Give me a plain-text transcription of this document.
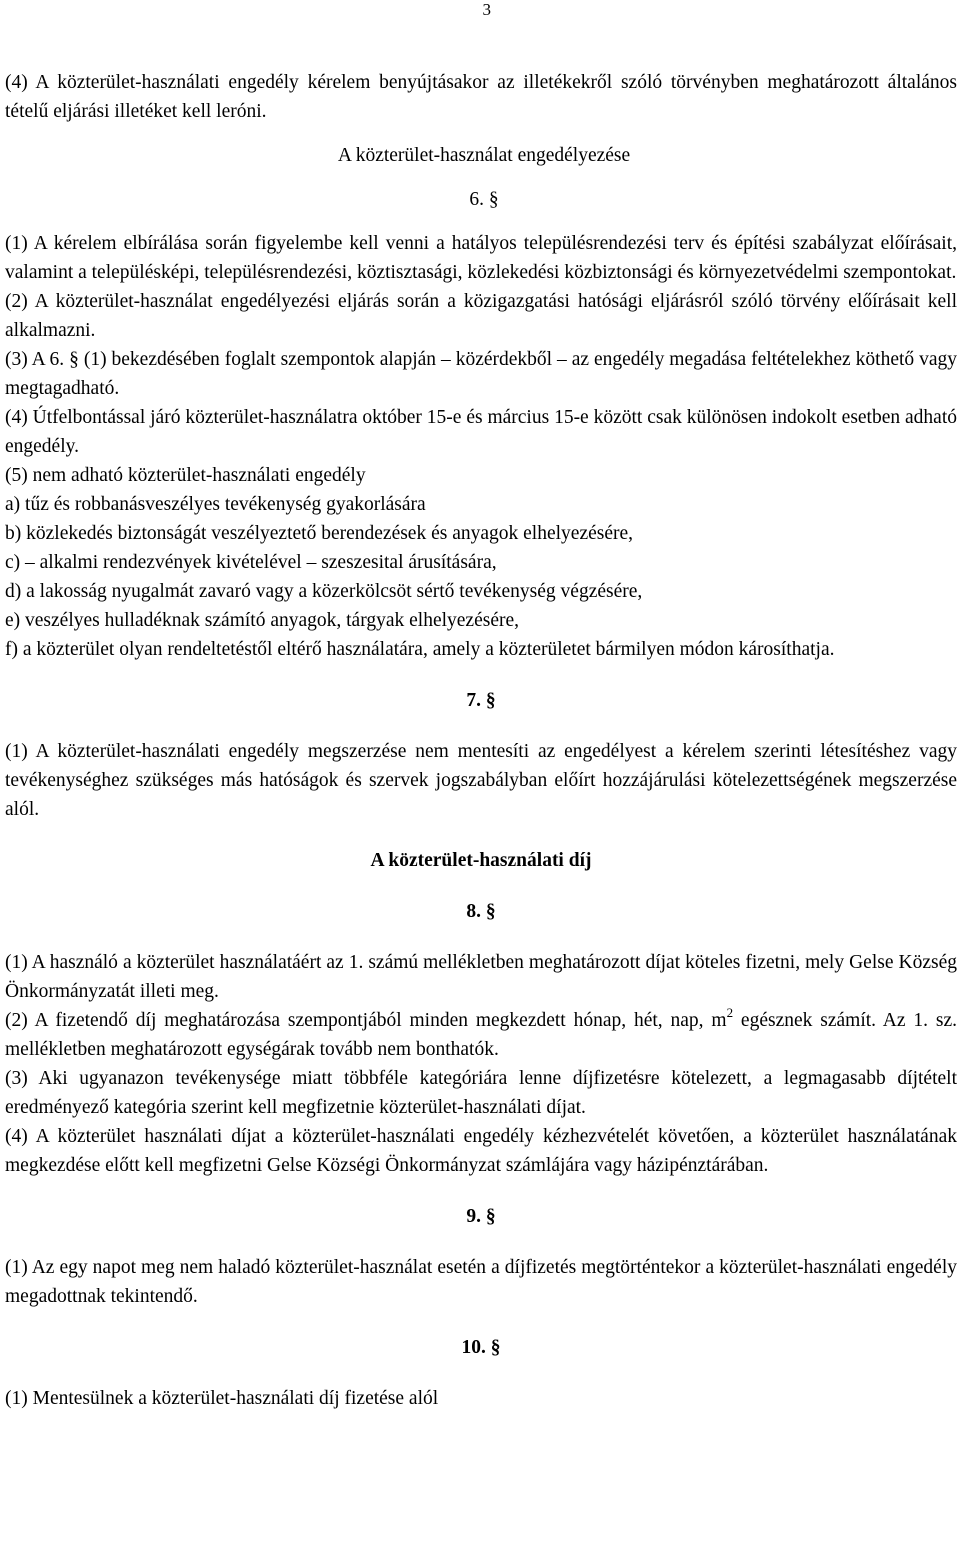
3

(4) A közterület-használati engedély kérelem benyújtásakor az illetékekről szóló törvényben meghatározott általános tételű eljárási illetéket kell leróni.

A közterület-használat engedélyezése

6. §

(1) A kérelem elbírálása során figyelembe kell venni a hatályos településrendezési terv és építési szabályzat előírásait, valamint a településképi, településrendezési, köztisztasági, közlekedési közbiztonsági és környezetvédelmi szempontokat.

(2) A közterület-használat engedélyezési eljárás során a közigazgatási hatósági eljárásról szóló törvény előírásait kell alkalmazni.

(3) A 6. § (1) bekezdésében foglalt szempontok alapján – közérdekből – az engedély megadása feltételekhez köthető vagy megtagadható.

(4) Útfelbontással járó közterület-használatra október 15-e és március 15-e között csak különösen indokolt esetben adható engedély.

(5) nem adható közterület-használati engedély

a) tűz és robbanásveszélyes tevékenység gyakorlására

b) közlekedés biztonságát veszélyeztető berendezések és anyagok elhelyezésére,

c) – alkalmi rendezvények kivételével – szeszesital árusítására,

d) a lakosság nyugalmát zavaró vagy a közerkölcsöt sértő tevékenység végzésére,

e) veszélyes hulladéknak számító anyagok, tárgyak elhelyezésére,

f) a közterület olyan rendeltetéstől eltérő használatára, amely a közterületet bármilyen módon károsíthatja.

7. §

(1) A közterület-használati engedély megszerzése nem mentesíti az engedélyest a kérelem szerinti létesítéshez vagy tevékenységhez szükséges más hatóságok és szervek jogszabályban előírt hozzájárulási kötelezettségének megszerzése alól.

A közterület-használati díj

8. §

(1) A használó a közterület használatáért az 1. számú mellékletben meghatározott díjat köteles fizetni, mely Gelse Község Önkormányzatát illeti meg.

(2) A fizetendő díj meghatározása szempontjából minden megkezdett hónap, hét, nap, $m^2$ egésznek számít. Az 1. sz. mellékletben meghatározott egységárak tovább nem bonthatók.

(3) Aki ugyanazon tevékenysége miatt többféle kategóriára lenne díjfizetésre kötelezett, a legmagasabb díjtételt eredményező kategória szerint kell megfizetnie közterület-használati díjat.

(4) A közterület használati díjat a közterület-használati engedély kézhezvételét követően, a közterület használatának megkezdése előtt kell megfizetni Gelse Községi Önkormányzat számlájára vagy házipénztárában.

9. §

(1) Az egy napot meg nem haladó közterület-használat esetén a díjfizetés megtörténtekor a közterület-használati engedély megadottnak tekintendő.

10. §

(1) Mentesülnek a közterület-használati díj fizetése alól
